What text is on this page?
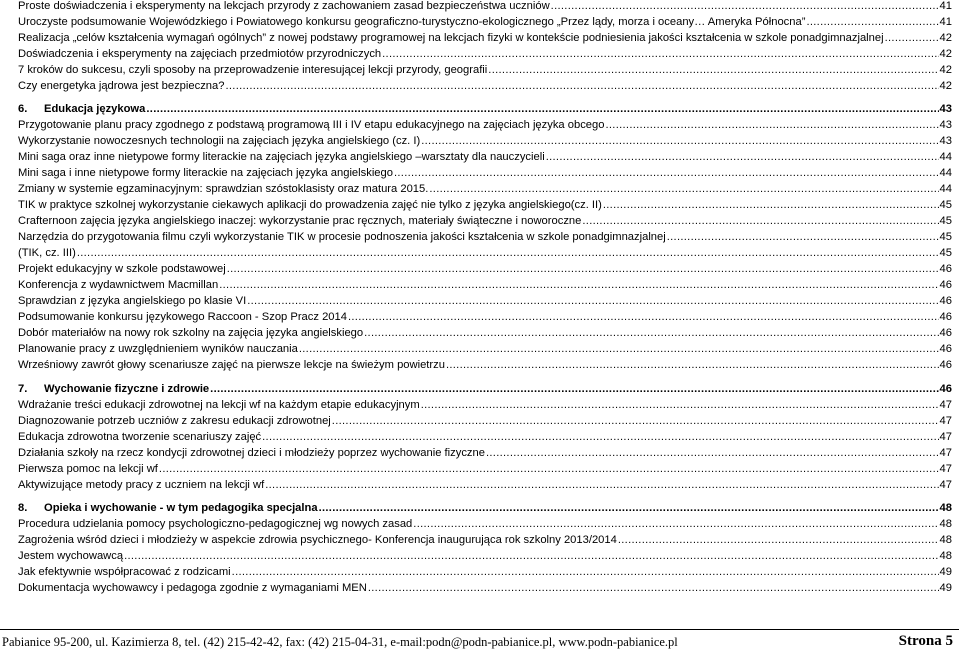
Proste doświadczenia i eksperymenty na lekcjach przyrody z zachowaniem zasad bezpieczeństwa uczniów .....	41
Uroczyste podsumowanie Wojewódzkiego i Powiatowego konkursu geograficzno-turystyczno-ekologicznego „Przez lądy, morza i oceany… Ameryka Północna” .....	41
Realizacja „celów kształcenia wymagań ogólnych” z nowej podstawy programowej na lekcjach fizyki w kontekście podniesienia jakości kształcenia w szkole ponadgimnazjalnej .....	42
Doświadczenia i eksperymenty na zajęciach przedmiotów przyrodniczych .....	42
7 kroków do sukcesu, czyli sposoby na przeprowadzenie interesującej lekcji przyrody, geografii .....	42
Czy energetyka jądrowa jest bezpieczna? .....	42
6. Edukacja językowa .....	43
Przygotowanie planu pracy zgodnego z podstawą programową III i IV etapu edukacyjnego na zajęciach języka obcego .....	43
Wykorzystanie nowoczesnych technologii na zajęciach języka angielskiego (cz. I) .....	43
Mini saga oraz inne nietypowe formy literackie na zajęciach języka angielskiego –warsztaty dla nauczycieli .....	44
Mini saga i inne nietypowe formy literackie na zajęciach języka angielskiego .....	44
Zmiany w systemie egzaminacyjnym: sprawdzian szóstoklasisty oraz matura 2015. .....	44
TIK w praktyce szkolnej wykorzystanie ciekawych aplikacji do prowadzenia zajęć nie tylko z języka angielskiego(cz. II) .....	45
Crafternoon zajęcia języka angielskiego inaczej: wykorzystanie prac ręcznych, materiały świąteczne i noworoczne .....	45
Narzędzia do przygotowania filmu czyli wykorzystanie TIK w procesie podnoszenia jakości kształcenia w szkole ponadgimnazjalnej .....	45
(TIK, cz. III) .....	45
Projekt edukacyjny w szkole podstawowej .....	46
Konferencja z wydawnictwem Macmillan .....	46
Sprawdzian z języka angielskiego po klasie VI .....	46
Podsumowanie konkursu językowego Raccoon - Szop Pracz 2014 .....	46
Dobór materiałów na nowy rok szkolny na zajęcia języka angielskiego .....	46
Planowanie pracy z uwzględnieniem wyników nauczania .....	46
Wrześniowy zawrót głowy scenariusze zajęć na pierwsze lekcje na świeżym powietrzu .....	46
7. Wychowanie fizyczne i zdrowie .....	46
Wdrażanie treści edukacji zdrowotnej na lekcji wf na każdym etapie edukacyjnym .....	47
Diagnozowanie potrzeb uczniów z zakresu edukacji zdrowotnej .....	47
Edukacja zdrowotna tworzenie scenariuszy zajęć .....	47
Działania szkoły na rzecz kondycji zdrowotnej dzieci i młodzieży poprzez wychowanie fizyczne .....	47
Pierwsza pomoc na lekcji wf .....	47
Aktywizujące metody pracy z uczniem na lekcji wf .....	47
8. Opieka i wychowanie - w tym pedagogika specjalna .....	48
Procedura udzielania pomocy psychologiczno-pedagogicznej wg nowych zasad .....	48
Zagrożenia wśród dzieci i młodzieży w aspekcie zdrowia psychicznego- Konferencja inaugurująca rok szkolny 2013/2014 .....	48
Jestem wychowawcą .....	48
Jak efektywnie współpracować z rodzicami .....	49
Dokumentacja wychowawcy i pedagoga zgodnie z wymaganiami MEN .....	49
Pabianice 95-200, ul. Kazimierza 8, tel. (42) 215-42-42, fax: (42) 215-04-31, e-mail:podn@podn-pabianice.pl, www.podn-pabianice.pl	Strona 5
